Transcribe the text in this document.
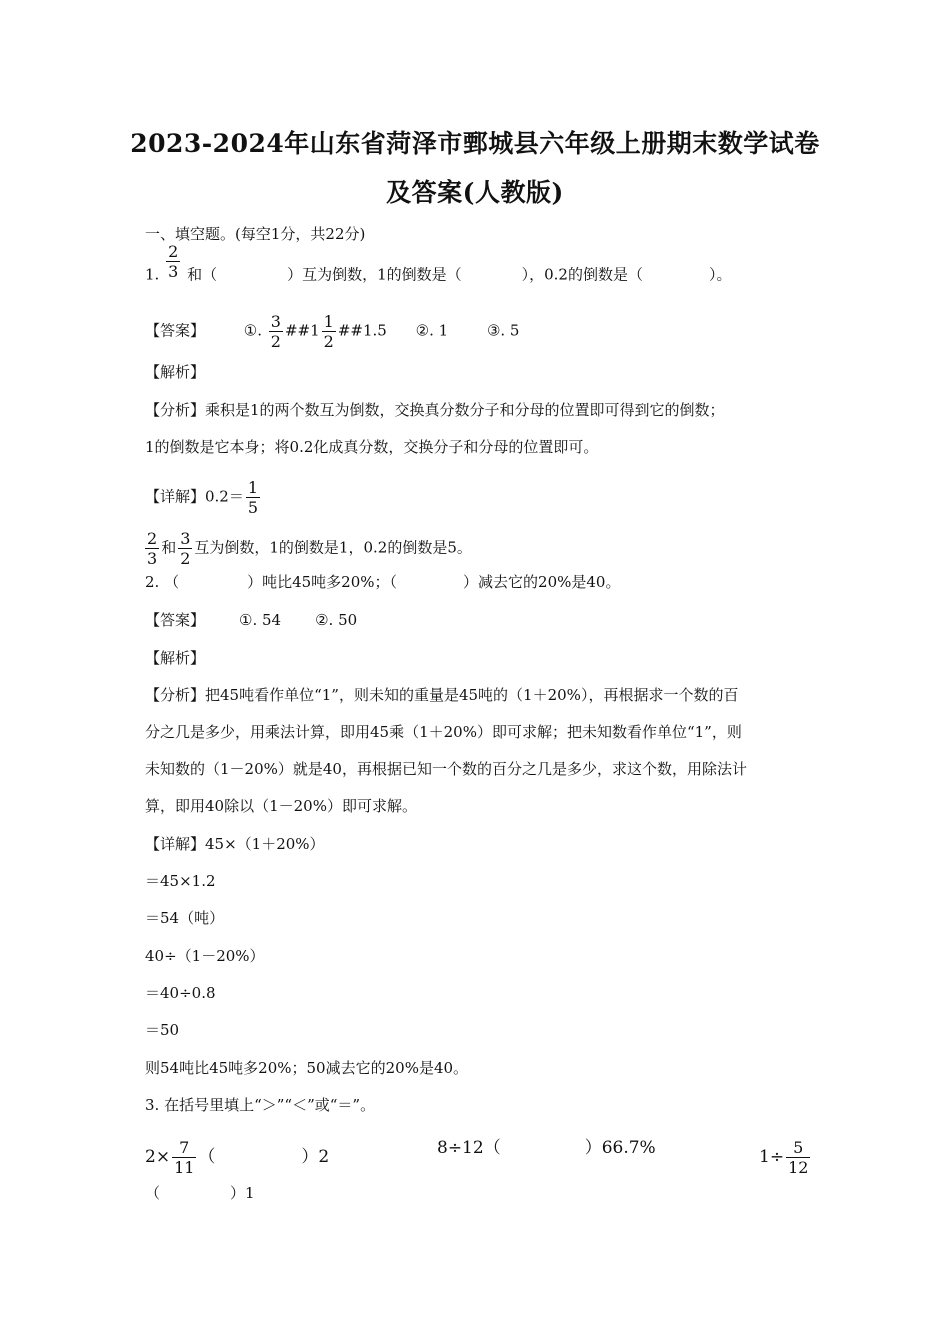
2023-2024年山东省菏泽市鄄城县六年级上册期末数学试卷
及答案(人教版)
一、填空题。(每空1分，共22分)
1. $\frac{2}{3}$ 和（	）互为倒数，1的倒数是（	），0.2的倒数是（	）。
【答案】	①. $\frac{3}{2}$ ##1 $\frac{1}{2}$ ##1.5 ②. 1	③. 5
【解析】
【分析】乘积是1的两个数互为倒数，交换真分数分子和分母的位置即可得到它的倒数；
1的倒数是它本身；将0.2化成真分数，交换分子和分母的位置即可。
【详解】$0.2= \frac{1}{5}$
$\frac{2}{3}$ 和 $\frac{3}{2}$ 互为倒数，1的倒数是1，0.2的倒数是5。
2. （	）吨比45吨多20%；（	）减去它的20%是40。
【答案】 ①. 54 ②. 50
【解析】
【分析】把45吨看作单位“1”，则未知的重量是45吨的（1＋20%），再根据求一个数的百
分之几是多少，用乘法计算，即用45乘（1＋20%）即可求解；把未知数看作单位“1”，则
未知数的（1－20%）就是40，再根据已知一个数的百分之几是多少，求这个数，用除法计
算，即用40除以（1－20%）即可求解。
【详解】45×（1＋20%）
＝45×1.2
＝54（吨）
40÷（1－20%）
＝40÷0.8
＝50
则54吨比45吨多20%；50减去它的20%是40。
3. 在括号里填上“＞”“＜”或“＝”。
$2\times \frac{7}{11}$ （	）2	8÷12（	）66.7%	$1\div \frac{5}{12}$
（	）1
